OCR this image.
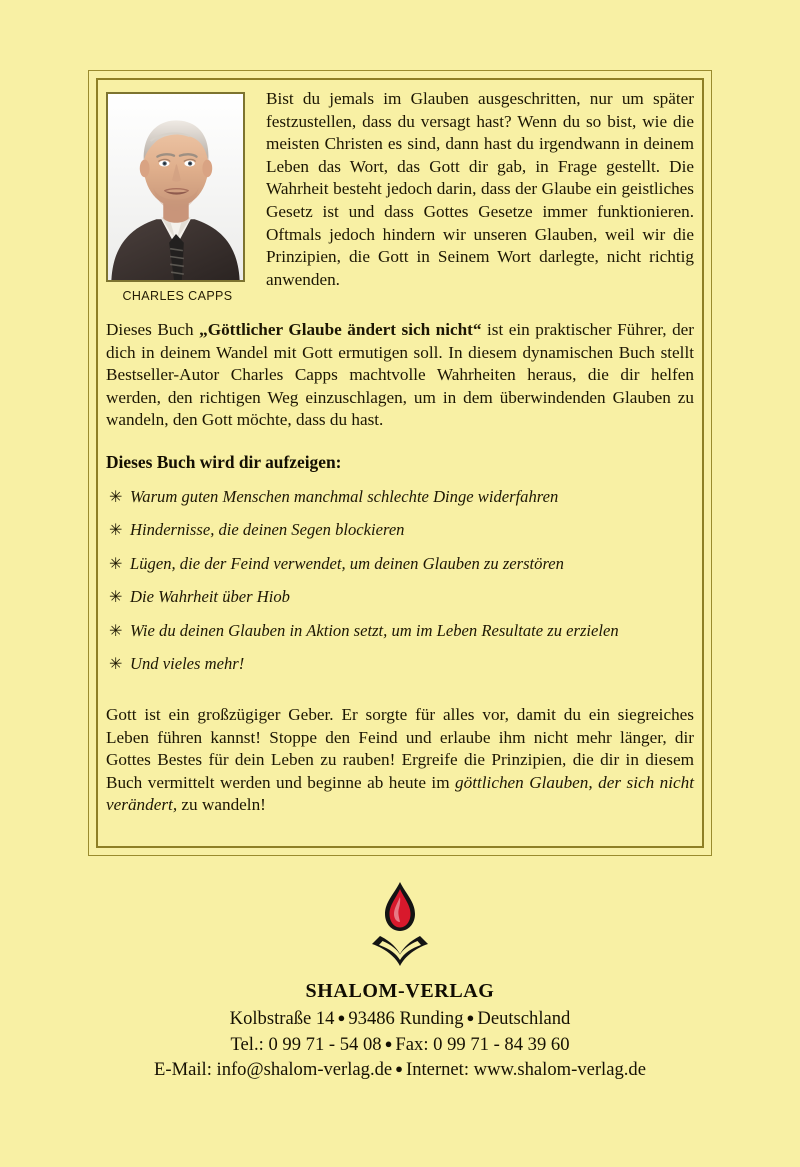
CHARLES CAPPS

Bist du jemals im Glauben ausgeschritten, nur um später festzustellen, dass du versagt hast? Wenn du so bist, wie die meisten Christen es sind, dann hast du irgendwann in deinem Leben das Wort, das Gott dir gab, in Frage gestellt. Die Wahrheit besteht jedoch darin, dass der Glaube ein geistliches Gesetz ist und dass Gottes Gesetze immer funktionieren. Oftmals jedoch hindern wir unseren Glauben, weil wir die Prinzipien, die Gott in Seinem Wort darlegte, nicht richtig anwenden.

Dieses Buch „Göttlicher Glaube ändert sich nicht“ ist ein praktischer Führer, der dich in deinem Wandel mit Gott ermutigen soll. In diesem dynamischen Buch stellt Bestseller-Autor Charles Capps machtvolle Wahrheiten heraus, die dir helfen werden, den richtigen Weg einzuschlagen, um in dem überwindenden Glauben zu wandeln, den Gott möchte, dass du hast.

Dieses Buch wird dir aufzeigen:

✳ Warum guten Menschen manchmal schlechte Dinge widerfahren
✳ Hindernisse, die deinen Segen blockieren
✳ Lügen, die der Feind verwendet, um deinen Glauben zu zerstören
✳ Die Wahrheit über Hiob
✳ Wie du deinen Glauben in Aktion setzt, um im Leben Resultate zu erzielen
✳ Und vieles mehr!

Gott ist ein großzügiger Geber. Er sorgte für alles vor, damit du ein siegreiches Leben führen kannst! Stoppe den Feind und erlaube ihm nicht mehr länger, dir Gottes Bestes für dein Leben zu rauben! Ergreife die Prinzipien, die dir in diesem Buch vermittelt werden und beginne ab heute im göttlichen Glauben, der sich nicht verändert, zu wandeln!

SHALOM-VERLAG
Kolbstraße 14 ● 93486 Runding ● Deutschland
Tel.: 0 99 71 - 54 08 ● Fax: 0 99 71 - 84 39 60
E-Mail: info@shalom-verlag.de ● Internet: www.shalom-verlag.de
